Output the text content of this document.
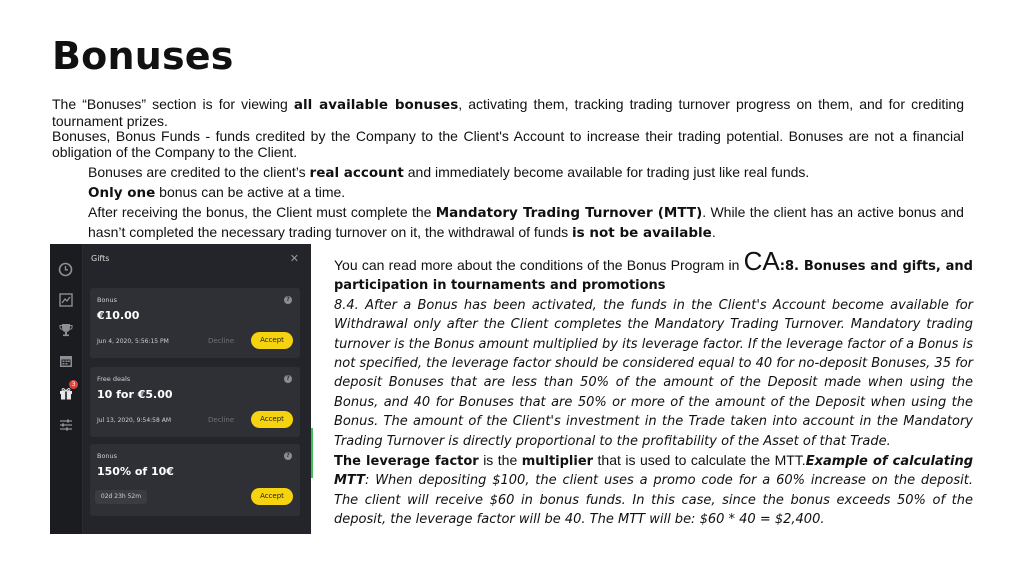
Bonuses

The “Bonuses” section is for viewing all available bonuses, activating them, tracking trading turnover progress on them, and for crediting tournament prizes.

Bonuses, Bonus Funds - funds credited by the Company to the Client's Account to increase their trading potential. Bonuses are not a financial obligation of the Company to the Client.

Bonuses are credited to the client’s real account and immediately become available for trading just like real funds.
Only one bonus can be active at a time.
After receiving the bonus, the Client must complete the Mandatory Trading Turnover (MTT). While the client has an active bonus and hasn’t completed the necessary trading turnover on it, the withdrawal of funds is not be available.
3
Gifts	✕
Bonus	?
€10.00
Jun 4, 2020, 5:56:15 PM	Decline	Accept
Free deals	?
10 for €5.00
Jul 13, 2020, 9:54:58 AM	Decline	Accept
Bonus	?
150% of 10€
02d 23h 52m	Accept

You can read more about the conditions of the Bonus Program in CA:8. Bonuses and gifts, and participation in tournaments and promotions

8.4. After a Bonus has been activated, the funds in the Client's Account become available for Withdrawal only after the Client completes the Mandatory Trading Turnover. Mandatory trading turnover is the Bonus amount multiplied by its leverage factor. If the leverage factor of a Bonus is not specified, the leverage factor should be considered equal to 40 for no-deposit Bonuses, 35 for deposit Bonuses that are less than 50% of the amount of the Deposit made when using the Bonus, and 40 for Bonuses that are 50% or more of the amount of the Deposit when using the Bonus. The amount of the Client's investment in the Trade taken into account in the Mandatory Trading Turnover is directly proportional to the profitability of the Asset of that Trade.

The leverage factor is the multiplier that is used to calculate the MTT.Example of calculating MTT: When depositing $100, the client uses a promo code for a 60% increase on the deposit. The client will receive $60 in bonus funds. In this case, since the bonus exceeds 50% of the deposit, the leverage factor will be 40. The MTT will be: $60 * 40 = $2,400.
